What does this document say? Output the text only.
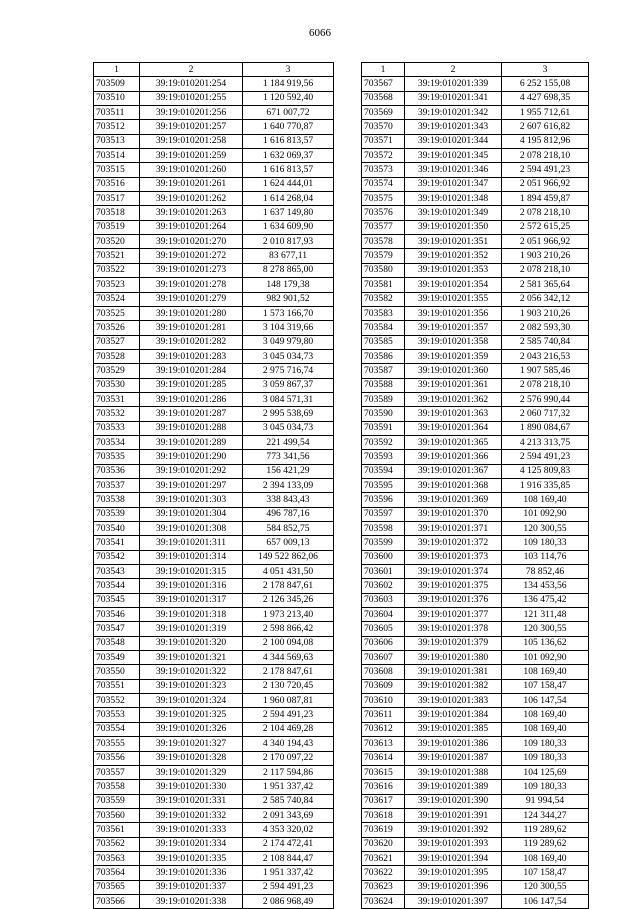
6066
1	2	3
703509	39:19:010201:254	1 184 919,56
703510	39:19:010201:255	1 120 592,40
703511	39:19:010201:256	671 007,72
703512	39:19:010201:257	1 640 770,87
703513	39:19:010201:258	1 616 813,57
703514	39:19:010201:259	1 632 069,37
703515	39:19:010201:260	1 616 813,57
703516	39:19:010201:261	1 624 444,01
703517	39:19:010201:262	1 614 268,04
703518	39:19:010201:263	1 637 149,80
703519	39:19:010201:264	1 634 609,90
703520	39:19:010201:270	2 010 817,93
703521	39:19:010201:272	83 677,11
703522	39:19:010201:273	8 278 865,00
703523	39:19:010201:278	148 179,38
703524	39:19:010201:279	982 901,52
703525	39:19:010201:280	1 573 166,70
703526	39:19:010201:281	3 104 319,66
703527	39:19:010201:282	3 049 979,80
703528	39:19:010201:283	3 045 034,73
703529	39:19:010201:284	2 975 716,74
703530	39:19:010201:285	3 059 867,37
703531	39:19:010201:286	3 084 571,31
703532	39:19:010201:287	2 995 538,69
703533	39:19:010201:288	3 045 034,73
703534	39:19:010201:289	221 499,54
703535	39:19:010201:290	773 341,56
703536	39:19:010201:292	156 421,29
703537	39:19:010201:297	2 394 133,09
703538	39:19:010201:303	338 843,43
703539	39:19:010201:304	496 787,16
703540	39:19:010201:308	584 852,75
703541	39:19:010201:311	657 009,13
703542	39:19:010201:314	149 522 862,06
703543	39:19:010201:315	4 051 431,50
703544	39:19:010201:316	2 178 847,61
703545	39:19:010201:317	2 126 345,26
703546	39:19:010201:318	1 973 213,40
703547	39:19:010201:319	2 598 866,42
703548	39:19:010201:320	2 100 094,08
703549	39:19:010201:321	4 344 569,63
703550	39:19:010201:322	2 178 847,61
703551	39:19:010201:323	2 130 720,45
703552	39:19:010201:324	1 960 087,81
703553	39:19:010201:325	2 594 491,23
703554	39:19:010201:326	2 104 469,28
703555	39:19:010201:327	4 340 194,43
703556	39:19:010201:328	2 170 097,22
703557	39:19:010201:329	2 117 594,86
703558	39:19:010201:330	1 951 337,42
703559	39:19:010201:331	2 585 740,84
703560	39:19:010201:332	2 091 343,69
703561	39:19:010201:333	4 353 320,02
703562	39:19:010201:334	2 174 472,41
703563	39:19:010201:335	2 108 844,47
703564	39:19:010201:336	1 951 337,42
703565	39:19:010201:337	2 594 491,23
703566	39:19:010201:338	2 086 968,49
1	2	3
703567	39:19:010201:339	6 252 155,08
703568	39:19:010201:341	4 427 698,35
703569	39:19:010201:342	1 955 712,61
703570	39:19:010201:343	2 607 616,82
703571	39:19:010201:344	4 195 812,96
703572	39:19:010201:345	2 078 218,10
703573	39:19:010201:346	2 594 491,23
703574	39:19:010201:347	2 051 966,92
703575	39:19:010201:348	1 894 459,87
703576	39:19:010201:349	2 078 218,10
703577	39:19:010201:350	2 572 615,25
703578	39:19:010201:351	2 051 966,92
703579	39:19:010201:352	1 903 210,26
703580	39:19:010201:353	2 078 218,10
703581	39:19:010201:354	2 581 365,64
703582	39:19:010201:355	2 056 342,12
703583	39:19:010201:356	1 903 210,26
703584	39:19:010201:357	2 082 593,30
703585	39:19:010201:358	2 585 740,84
703586	39:19:010201:359	2 043 216,53
703587	39:19:010201:360	1 907 585,46
703588	39:19:010201:361	2 078 218,10
703589	39:19:010201:362	2 576 990,44
703590	39:19:010201:363	2 060 717,32
703591	39:19:010201:364	1 890 084,67
703592	39:19:010201:365	4 213 313,75
703593	39:19:010201:366	2 594 491,23
703594	39:19:010201:367	4 125 809,83
703595	39:19:010201:368	1 916 335,85
703596	39:19:010201:369	108 169,40
703597	39:19:010201:370	101 092,90
703598	39:19:010201:371	120 300,55
703599	39:19:010201:372	109 180,33
703600	39:19:010201:373	103 114,76
703601	39:19:010201:374	78 852,46
703602	39:19:010201:375	134 453,56
703603	39:19:010201:376	136 475,42
703604	39:19:010201:377	121 311,48
703605	39:19:010201:378	120 300,55
703606	39:19:010201:379	105 136,62
703607	39:19:010201:380	101 092,90
703608	39:19:010201:381	108 169,40
703609	39:19:010201:382	107 158,47
703610	39:19:010201:383	106 147,54
703611	39:19:010201:384	108 169,40
703612	39:19:010201:385	108 169,40
703613	39:19:010201:386	109 180,33
703614	39:19:010201:387	109 180,33
703615	39:19:010201:388	104 125,69
703616	39:19:010201:389	109 180,33
703617	39:19:010201:390	91 994,54
703618	39:19:010201:391	124 344,27
703619	39:19:010201:392	119 289,62
703620	39:19:010201:393	119 289,62
703621	39:19:010201:394	108 169,40
703622	39:19:010201:395	107 158,47
703623	39:19:010201:396	120 300,55
703624	39:19:010201:397	106 147,54
